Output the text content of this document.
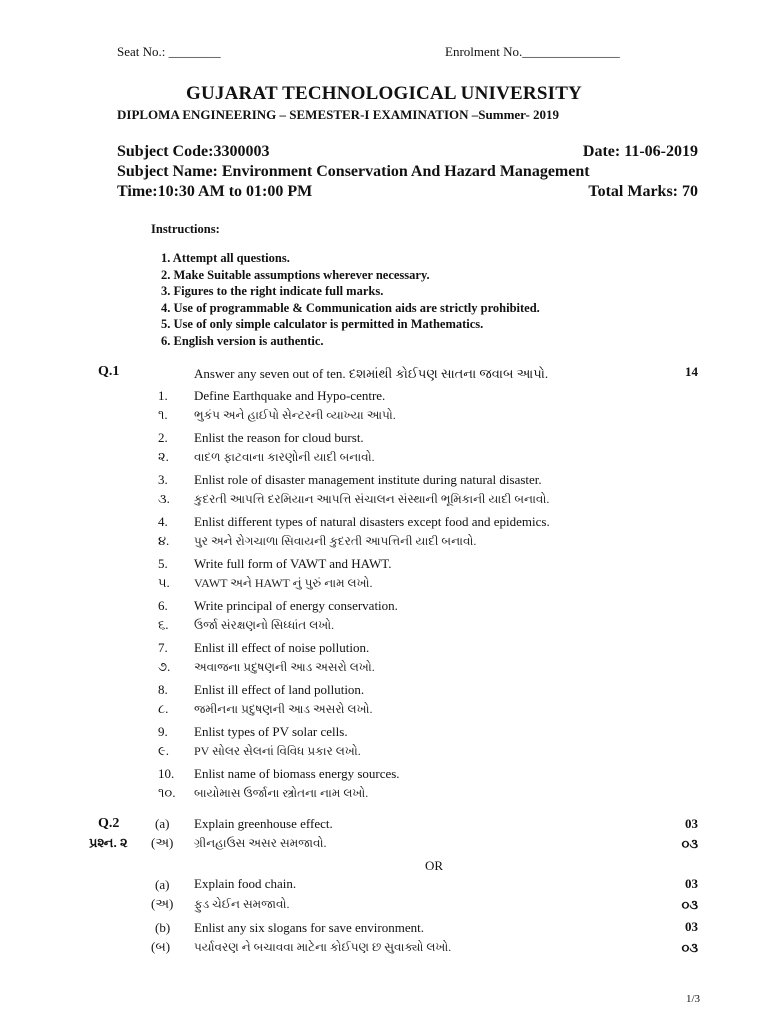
Seat No.: ________	Enrolment No._______________
GUJARAT TECHNOLOGICAL UNIVERSITY
DIPLOMA ENGINEERING – SEMESTER-I EXAMINATION –Summer- 2019
Subject Code:3300003	Date: 11-06-2019
Subject Name: Environment Conservation And Hazard Management
Time:10:30 AM to 01:00 PM	Total Marks: 70
Instructions:
1. Attempt all questions.
2. Make Suitable assumptions wherever necessary.
3. Figures to the right indicate full marks.
4. Use of programmable & Communication aids are strictly prohibited.
5. Use of only simple calculator is permitted in Mathematics.
6. English version is authentic.
Q.1	Answer any seven out of ten. દશમાંથી કોઈપણ સાતના જવાબ આપો.	14
1. Define Earthquake and Hypo-centre.
૧. ભુકંપ અને હાઈપો સેન્ટરની વ્યાખ્યા આપો.
2. Enlist the reason for cloud burst.
૨. વાદળ ફાટવાના કારણોની યાદી બનાવો.
3. Enlist role of disaster management institute during natural disaster.
૩. કુદરતી આપત્તિ દરમિયાન આપત્તિ સંચાલન સંસ્થાની ભૂમિકાની યાદી બનાવો.
4. Enlist different types of natural disasters except food and epidemics.
૪. પુર અને રોગચાળા સિવાયની કુદરતી આપત્તિની યાદી બનાવો.
5. Write full form of VAWT and HAWT.
૫. VAWT અને HAWT નું પુરું નામ લખો.
6. Write principal of energy conservation.
૬. ઉર્જા સંરક્ષણનો સિધ્ધાંત લખો.
7. Enlist ill effect of noise pollution.
૭. અવાજના પ્રદુષણની આડ અસરો લખો.
8. Enlist ill effect of land pollution.
૮. જમીનના પ્રદુષણની આડ અસરો લખો.
9. Enlist types of PV solar cells.
૯. PV સોલર સેલનાં વિવિધ પ્રકાર લખો.
10. Enlist name of biomass energy sources.
૧૦. બાયોમાસ ઉર્જાના સ્ત્રોતના નામ લખો.
Q.2
પ્રશ્ન. ૨
(a) Explain greenhouse effect.	03
(અ) ગ્રીનહાઉસ અસર સમજાવો.	૦૩
OR
(a) Explain food chain.	03
(અ) ફુડ ચેઈન સમજાવો.	૦૩
(b) Enlist any six slogans for save environment.	03
(બ) પર્યાવરણ ને બચાવવા માટેના કોઈપણ છ સુવાક્યો લખો.	૦૩
1/3
